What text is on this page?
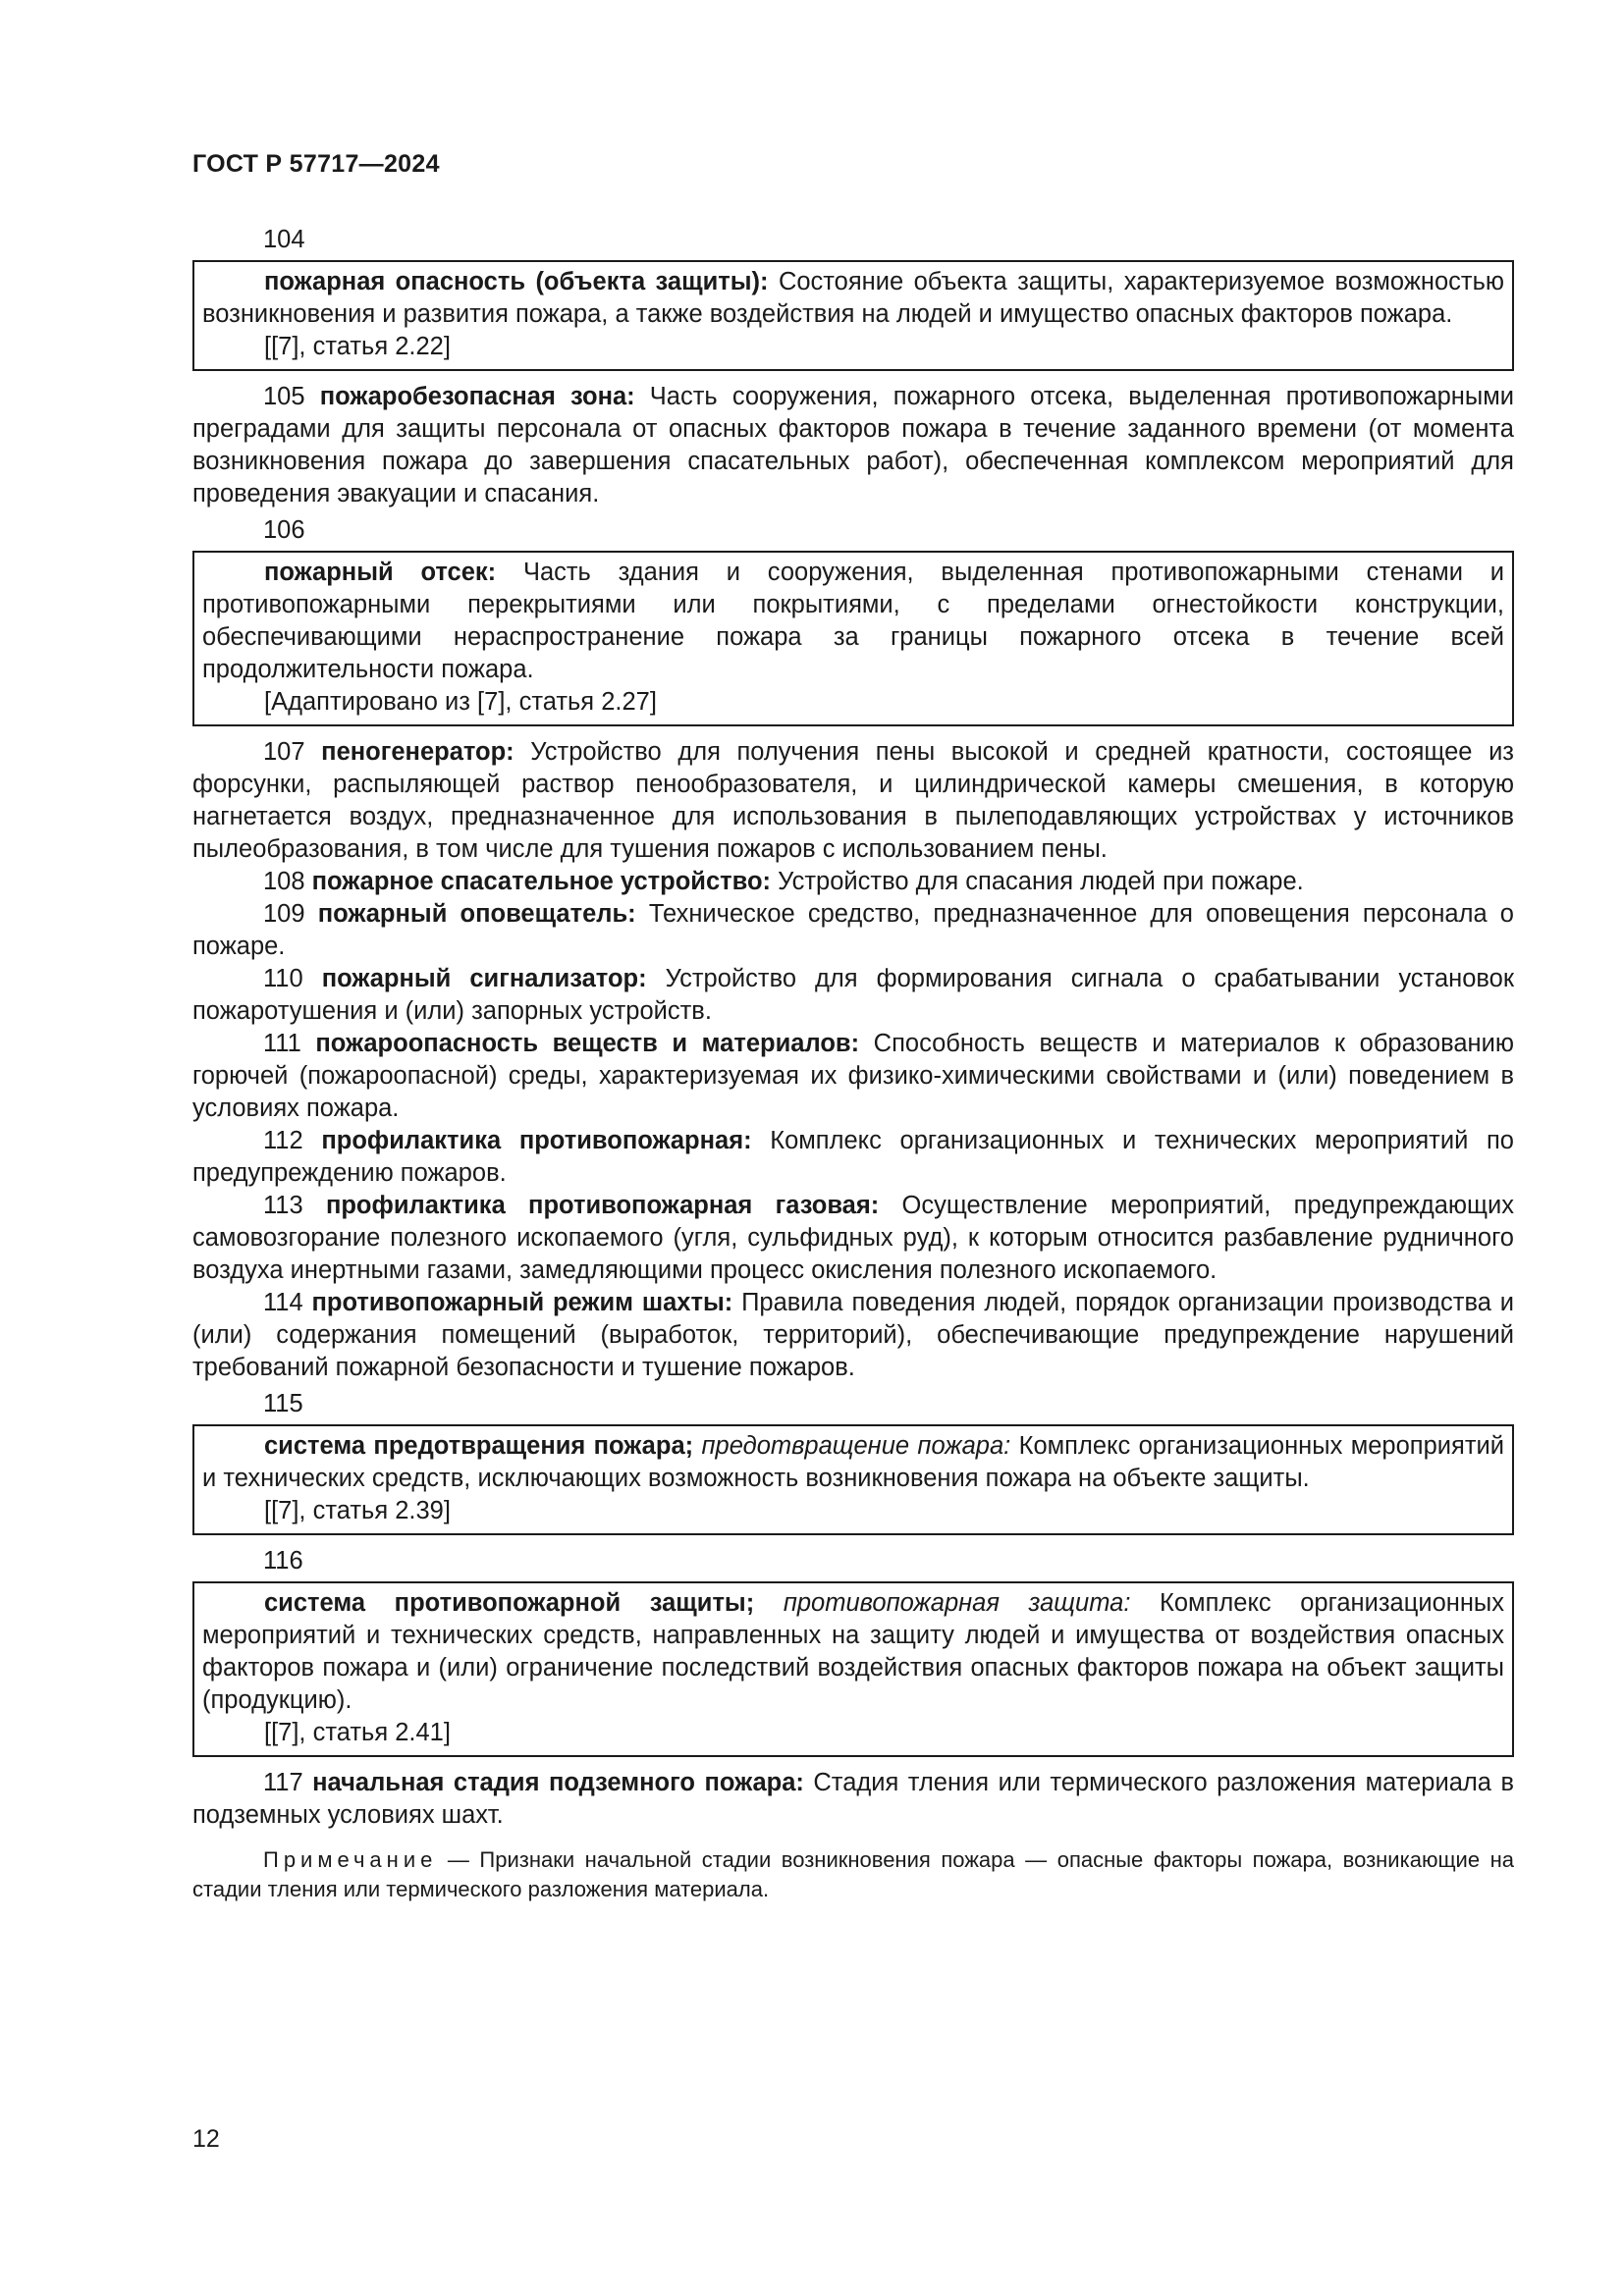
ГОСТ Р 57717—2024
104

пожарная опасность (объекта защиты): Состояние объекта защиты, характеризуемое возможностью возникновения и развития пожара, а также воздействия на людей и имущество опасных факторов пожара.

[[7], статья 2.22]

105 пожаробезопасная зона: Часть сооружения, пожарного отсека, выделенная противопожарными преградами для защиты персонала от опасных факторов пожара в течение заданного времени (от момента возникновения пожара до завершения спасательных работ), обеспеченная комплексом мероприятий для проведения эвакуации и спасания.

106

пожарный отсек: Часть здания и сооружения, выделенная противопожарными стенами и противопожарными перекрытиями или покрытиями, с пределами огнестойкости конструкции, обеспечивающими нераспространение пожара за границы пожарного отсека в течение всей продолжительности пожара.

[Адаптировано из [7], статья 2.27]

107 пеногенератор: Устройство для получения пены высокой и средней кратности, состоящее из форсунки, распыляющей раствор пенообразователя, и цилиндрической камеры смешения, в которую нагнетается воздух, предназначенное для использования в пылеподавляющих устройствах у источников пылеобразования, в том числе для тушения пожаров с использованием пены.

108 пожарное спасательное устройство: Устройство для спасания людей при пожаре.

109 пожарный оповещатель: Техническое средство, предназначенное для оповещения персонала о пожаре.

110 пожарный сигнализатор: Устройство для формирования сигнала о срабатывании установок пожаротушения и (или) запорных устройств.

111 пожароопасность веществ и материалов: Способность веществ и материалов к образованию горючей (пожароопасной) среды, характеризуемая их физико-химическими свойствами и (или) поведением в условиях пожара.

112 профилактика противопожарная: Комплекс организационных и технических мероприятий по предупреждению пожаров.

113 профилактика противопожарная газовая: Осуществление мероприятий, предупреждающих самовозгорание полезного ископаемого (угля, сульфидных руд), к которым относится разбавление рудничного воздуха инертными газами, замедляющими процесс окисления полезного ископаемого.

114 противопожарный режим шахты: Правила поведения людей, порядок организации производства и (или) содержания помещений (выработок, территорий), обеспечивающие предупреждение нарушений требований пожарной безопасности и тушение пожаров.

115

система предотвращения пожара; предотвращение пожара: Комплекс организационных мероприятий и технических средств, исключающих возможность возникновения пожара на объекте защиты.

[[7], статья 2.39]

116

система противопожарной защиты; противопожарная защита: Комплекс организационных мероприятий и технических средств, направленных на защиту людей и имущества от воздействия опасных факторов пожара и (или) ограничение последствий воздействия опасных факторов пожара на объект защиты (продукцию).

[[7], статья 2.41]

117 начальная стадия подземного пожара: Стадия тления или термического разложения материала в подземных условиях шахт.

Примечание — Признаки начальной стадии возникновения пожара — опасные факторы пожара, возникающие на стадии тления или термического разложения материала.

12
